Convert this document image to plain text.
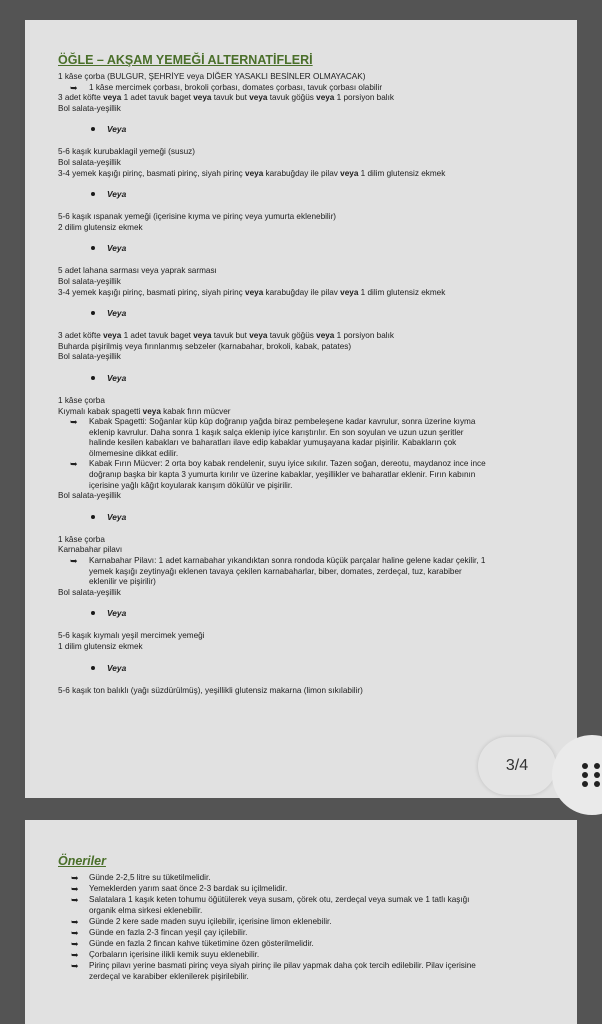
ÖĞLE – AKŞAM YEMEĞİ ALTERNATİFLERİ
1 kâse çorba (BULGUR, ŞEHRİYE veya DİĞER YASAKLI BESİNLER OLMAYACAK)
➥ 1 kâse mercimek çorbası, brokoli çorbası, domates çorbası, tavuk çorbası olabilir
3 adet köfte veya 1 adet tavuk baget veya tavuk but veya tavuk göğüs veya 1 porsiyon balık
Bol salata-yeşillik
Veya
5-6 kaşık kurubaklagil yemeği (susuz)
Bol salata-yeşillik
3-4 yemek kaşığı pirinç, basmati pirinç, siyah pirinç veya karabuğday ile pilav veya 1 dilim glutensiz ekmek
Veya
5-6 kaşık ıspanak yemeği (içerisine kıyma ve pirinç veya yumurta eklenebilir)
2 dilim glutensiz ekmek
Veya
5 adet lahana sarması veya yaprak sarması
Bol salata-yeşillik
3-4 yemek kaşığı pirinç, basmati pirinç, siyah pirinç veya karabuğday ile pilav veya 1 dilim glutensiz ekmek
Veya
3 adet köfte veya 1 adet tavuk baget veya tavuk but veya tavuk göğüs veya 1 porsiyon balık
Buharda pişirilmiş veya fırınlanmış sebzeler (karnabahar, brokoli, kabak, patates)
Bol salata-yeşillik
Veya
1 kâse çorba
Kıymalı kabak spagetti veya kabak fırın mücver
➥ Kabak Spagetti: Soğanlar küp küp doğranıp yağda biraz pembeleşene kadar kavrulur, sonra üzerine kıyma
eklenip kavrulur. Daha sonra 1 kaşık salça eklenip iyice karıştırılır. En son soyulan ve uzun uzun şeritler
halinde kesilen kabakları ve baharatları ilave edip kabaklar yumuşayana kadar pişirilir. Kabakların çok
ölmemesine dikkat edilir.
➥ Kabak Fırın Mücver: 2 orta boy kabak rendelenir, suyu iyice sıkılır. Tazen soğan, dereotu, maydanoz ince ince
doğranıp başka bir kapta 3 yumurta kırılır ve üzerine kabaklar, yeşillikler ve baharatlar eklenir. Fırın kabının
içerisine yağlı kâğıt koyularak karışım dökülür ve pişirilir.
Bol salata-yeşillik
Veya
1 kâse çorba
Karnabahar pilavı
➥ Karnabahar Pilavı: 1 adet karnabahar yıkandıktan sonra rondoda küçük parçalar haline gelene kadar çekilir, 1
yemek kaşığı zeytinyağı eklenen tavaya çekilen karnabaharlar, biber, domates, zerdeçal, tuz, karabiber
eklenilir ve pişirilir)
Bol salata-yeşillik
Veya
5-6 kaşık kıymalı yeşil mercimek yemeği
1 dilim glutensiz ekmek
Veya
5-6 kaşık ton balıklı (yağı süzdürülmüş), yeşillikli glutensiz makarna (limon sıkılabilir)
3/4
Öneriler
➥ Günde 2-2,5 litre su tüketilmelidir.
➥ Yemeklerden yarım saat önce 2-3 bardak su içilmelidir.
➥ Salatalara 1 kaşık keten tohumu öğütülerek veya susam, çörek otu, zerdeçal veya sumak ve 1 tatlı kaşığı
organik elma sirkesi eklenebilir.
➥ Günde 2 kere sade maden suyu içilebilir, içerisine limon eklenebilir.
➥ Günde en fazla 2-3 fincan yeşil çay içilebilir.
➥ Günde en fazla 2 fincan kahve tüketimine özen gösterilmelidir.
➥ Çorbaların içerisine ilikli kemik suyu eklenebilir.
➥ Pirinç pilavı yerine basmati pirinç veya siyah pirinç ile pilav yapmak daha çok tercih edilebilir. Pilav içerisine
zerdeçal ve karabiber eklenilerek pişirilebilir.
